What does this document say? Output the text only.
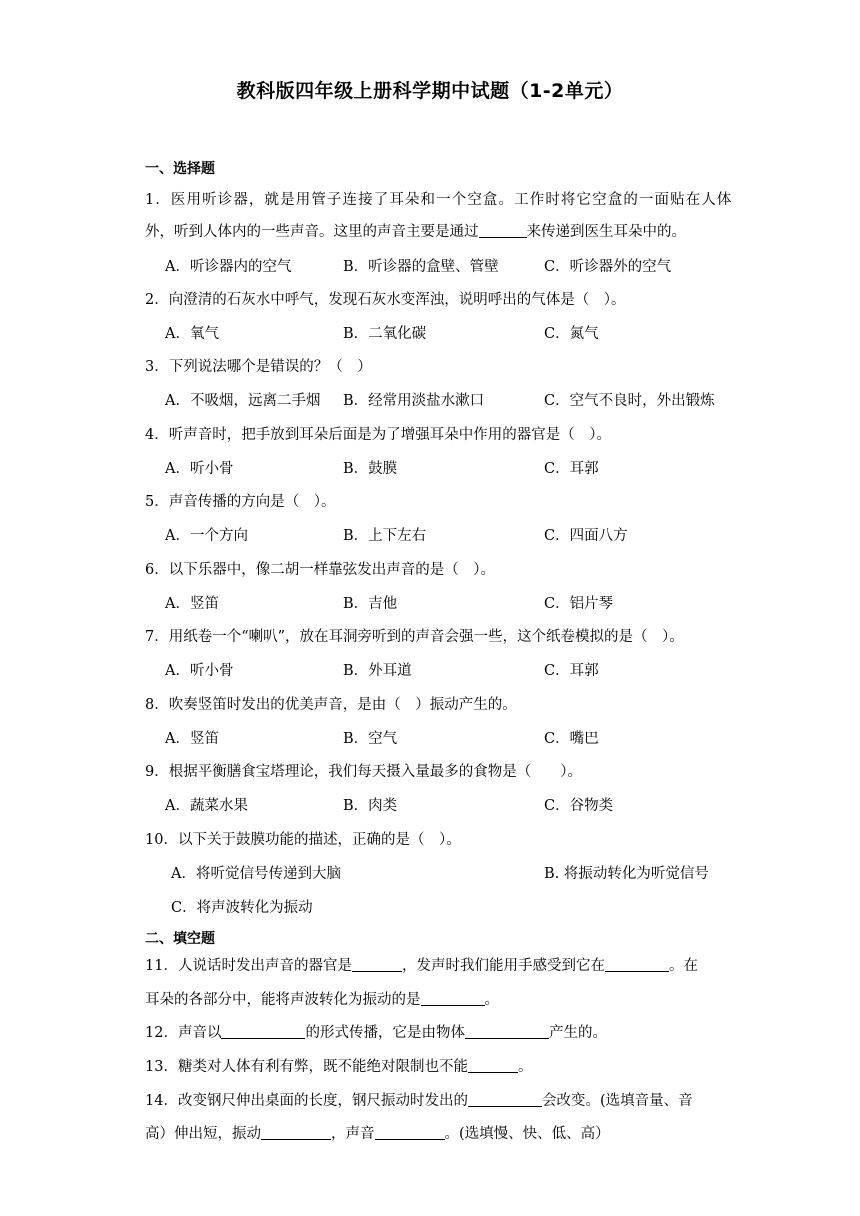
教科版四年级上册科学期中试题（1-2单元）
一、选择题
1．医用听诊器，就是用管子连接了耳朵和一个空盒。工作时将它空盒的一面贴在人体
外，听到人体内的一些声音。这里的声音主要是通过	来传递到医生耳朵中的。
A．听诊器内的空气	B．听诊器的盒壁、管壁	C．听诊器外的空气
2．向澄清的石灰水中呼气，发现石灰水变浑浊，说明呼出的气体是（　）。
A．氧气	B．二氧化碳	C．氮气
3．下列说法哪个是错误的？（　）
A．不吸烟，远离二手烟 B．经常用淡盐水漱口	C．空气不良时，外出锻炼
4．听声音时，把手放到耳朵后面是为了增强耳朵中作用的器官是（　）。
A．听小骨	B．鼓膜	C．耳郭
5．声音传播的方向是（　）。
A．一个方向	B．上下左右	C．四面八方
6．以下乐器中，像二胡一样靠弦发出声音的是（　）。
A．竖笛	B．吉他	C．铝片琴
7．用纸卷一个“喇叭”，放在耳洞旁听到的声音会强一些，这个纸卷模拟的是（　）。
A．听小骨	B．外耳道	C．耳郭
8．吹奏竖笛时发出的优美声音，是由（　）振动产生的。
A．竖笛	B．空气	C．嘴巴
9．根据平衡膳食宝塔理论，我们每天摄入量最多的食物是（　　）。
A．蔬菜水果	B．肉类	C．谷物类
10．以下关于鼓膜功能的描述，正确的是（　）。
A．将听觉信号传递到大脑	B. 将振动转化为听觉信号
C．将声波转化为振动
二、填空题
11．人说话时发出声音的器官是	，发声时我们能用手感受到它在	。在
耳朵的各部分中，能将声波转化为振动的是	。
12．声音以	的形式传播，它是由物体	产生的。
13．糖类对人体有利有弊，既不能绝对限制也不能	。
14．改变钢尺伸出桌面的长度，钢尺振动时发出的	会改变。(选填音量、音
高）伸出短，振动	，声音	。(选填慢、快、低、高）
